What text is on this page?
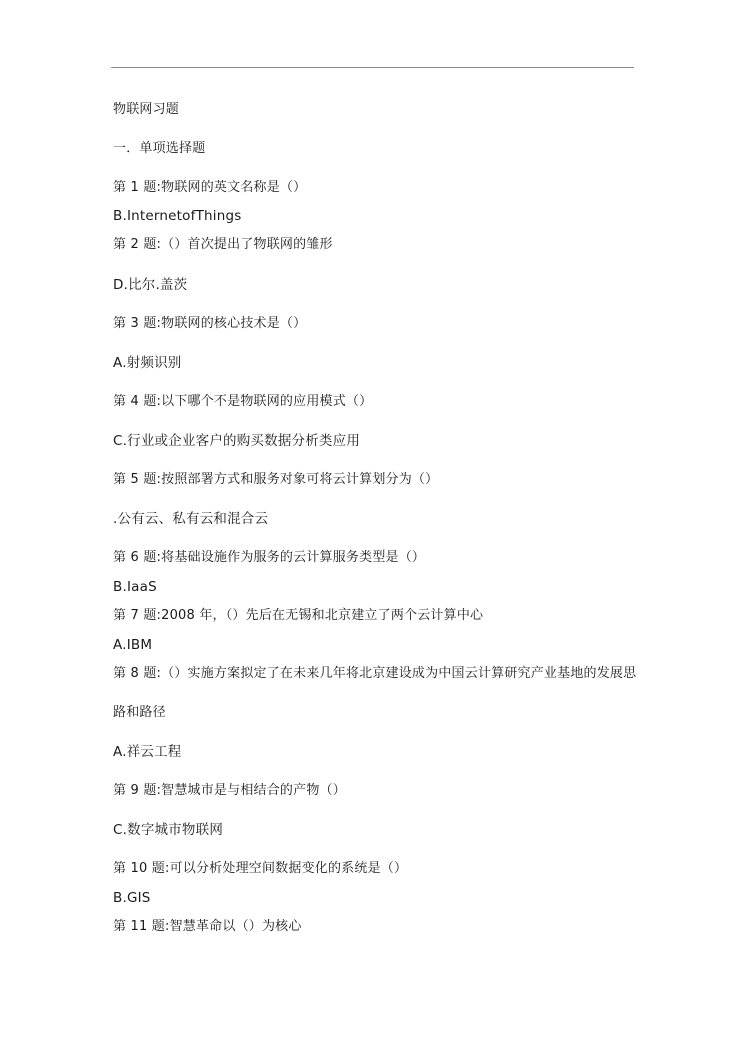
物联网习题
一．单项选择题
第 1 题:物联网的英文名称是（）
B.InternetofThings
第 2 题:（）首次提出了物联网的雏形
D.比尔.盖茨
第 3 题:物联网的核心技术是（）
A.射频识别
第 4 题:以下哪个不是物联网的应用模式（）
C.行业或企业客户的购买数据分析类应用
第 5 题:按照部署方式和服务对象可将云计算划分为（）
.公有云、私有云和混合云
第 6 题:将基础设施作为服务的云计算服务类型是（）
B.IaaS
第 7 题:2008 年，（）先后在无锡和北京建立了两个云计算中心
A.IBM
第 8 题:（）实施方案拟定了在未来几年将北京建设成为中国云计算研究产业基地的发展思
路和路径
A.祥云工程
第 9 题:智慧城市是与相结合的产物（）
C.数字城市物联网
第 10 题:可以分析处理空间数据变化的系统是（）
B.GIS
第 11 题:智慧革命以（）为核心
